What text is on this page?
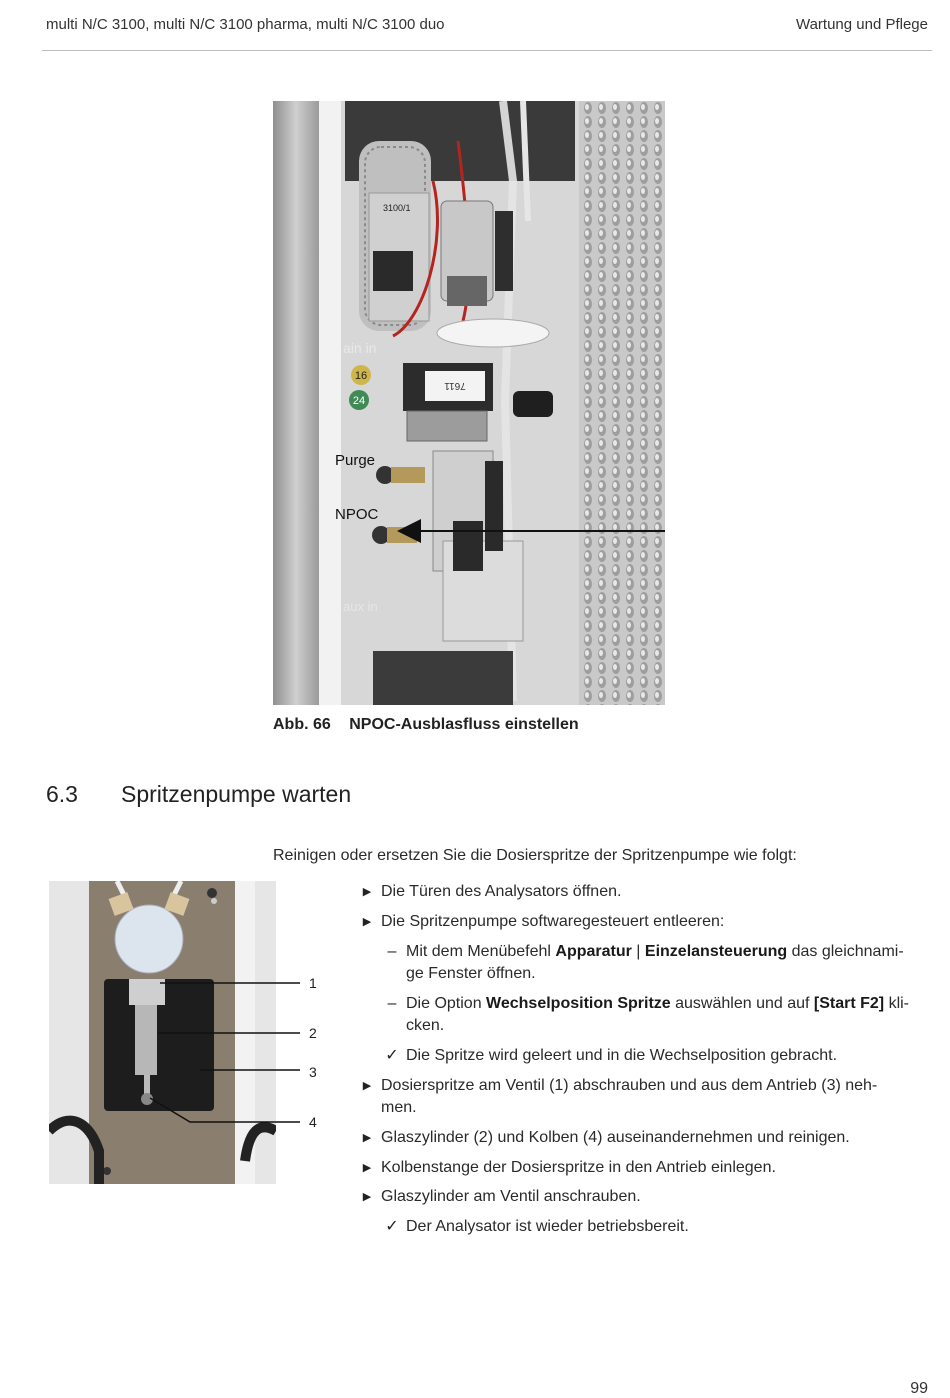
multi N/C 3100, multi N/C 3100 pharma, multi N/C 3100 duo	Wartung und Pflege
3100/1
ain in
16
24
7611
Purge
NPOC
aux in
Abb. 66 NPOC-Ausblasfluss einstellen
6.3 Spritzenpumpe warten
Reinigen oder ersetzen Sie die Dosierspritze der Spritzenpumpe wie folgt:
1
2
3
4
▶ Die Türen des Analysators öffnen.
▶ Die Spritzenpumpe softwaregesteuert entleeren:
– Mit dem Menübefehl Apparatur | Einzelansteuerung das gleichnami-
ge Fenster öffnen.
– Die Option Wechselposition Spritze auswählen und auf [Start F2] kli-
cken.
✓ Die Spritze wird geleert und in die Wechselposition gebracht.
▶ Dosierspritze am Ventil (1) abschrauben und aus dem Antrieb (3) neh-
men.
▶ Glaszylinder (2) und Kolben (4) auseinandernehmen und reinigen.
▶ Kolbenstange der Dosierspritze in den Antrieb einlegen.
▶ Glaszylinder am Ventil anschrauben.
✓ Der Analysator ist wieder betriebsbereit.
99
